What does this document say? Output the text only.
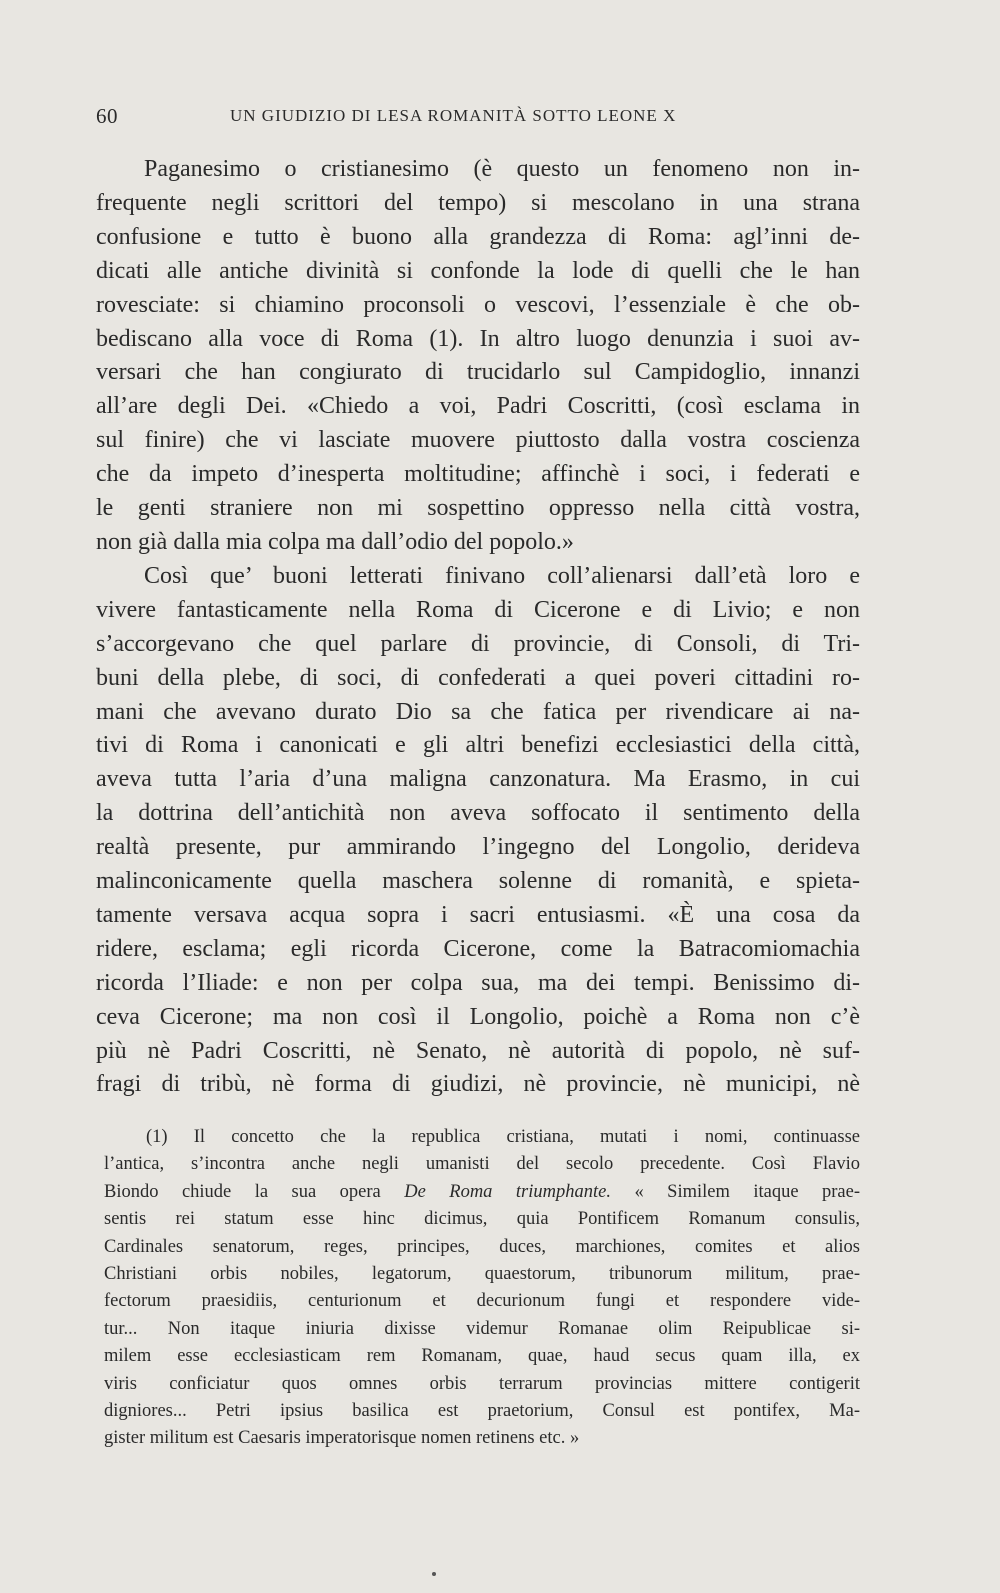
60	UN GIUDIZIO DI LESA ROMANITÀ SOTTO LEONE X
Paganesimo o cristianesimo (è questo un fenomeno non in-
frequente negli scrittori del tempo) si mescolano in una strana
confusione e tutto è buono alla grandezza di Roma: agl’inni de-
dicati alle antiche divinità si confonde la lode di quelli che le han
rovesciate: si chiamino proconsoli o vescovi, l’essenziale è che ob-
bediscano alla voce di Roma (1). In altro luogo denunzia i suoi av-
versari che han congiurato di trucidarlo sul Campidoglio, innanzi
all’are degli Dei. «Chiedo a voi, Padri Coscritti, (così esclama in
sul finire) che vi lasciate muovere piuttosto dalla vostra coscienza
che da impeto d’inesperta moltitudine; affinchè i soci, i federati e
le genti straniere non mi sospettino oppresso nella città vostra,
non già dalla mia colpa ma dall’odio del popolo.»
Così que’ buoni letterati finivano coll’alienarsi dall’età loro e
vivere fantasticamente nella Roma di Cicerone e di Livio; e non
s’accorgevano che quel parlare di provincie, di Consoli, di Tri-
buni della plebe, di soci, di confederati a quei poveri cittadini ro-
mani che avevano durato Dio sa che fatica per rivendicare ai na-
tivi di Roma i canonicati e gli altri benefizi ecclesiastici della città,
aveva tutta l’aria d’una maligna canzonatura. Ma Erasmo, in cui
la dottrina dell’antichità non aveva soffocato il sentimento della
realtà presente, pur ammirando l’ingegno del Longolio, derideva
malinconicamente quella maschera solenne di romanità, e spieta-
tamente versava acqua sopra i sacri entusiasmi. «È una cosa da
ridere, esclama; egli ricorda Cicerone, come la Batracomiomachia
ricorda l’Iliade: e non per colpa sua, ma dei tempi. Benissimo di-
ceva Cicerone; ma non così il Longolio, poichè a Roma non c’è
più nè Padri Coscritti, nè Senato, nè autorità di popolo, nè suf-
fragi di tribù, nè forma di giudizi, nè provincie, nè municipi, nè
(1) Il concetto che la republica cristiana, mutati i nomi, continuasse
l’antica, s’incontra anche negli umanisti del secolo precedente. Così Flavio
Biondo chiude la sua opera De Roma triumphante. « Similem itaque prae-
sentis rei statum esse hinc dicimus, quia Pontificem Romanum consulis,
Cardinales senatorum, reges, principes, duces, marchiones, comites et alios
Christiani orbis nobiles, legatorum, quaestorum, tribunorum militum, prae-
fectorum praesidiis, centurionum et decurionum fungi et respondere vide-
tur... Non itaque iniuria dixisse videmur Romanae olim Reipublicae si-
milem esse ecclesiasticam rem Romanam, quae, haud secus quam illa, ex
viris conficiatur quos omnes orbis terrarum provincias mittere contigerit
digniores... Petri ipsius basilica est praetorium, Consul est pontifex, Ma-
gister militum est Caesaris imperatorisque nomen retinens etc. »
